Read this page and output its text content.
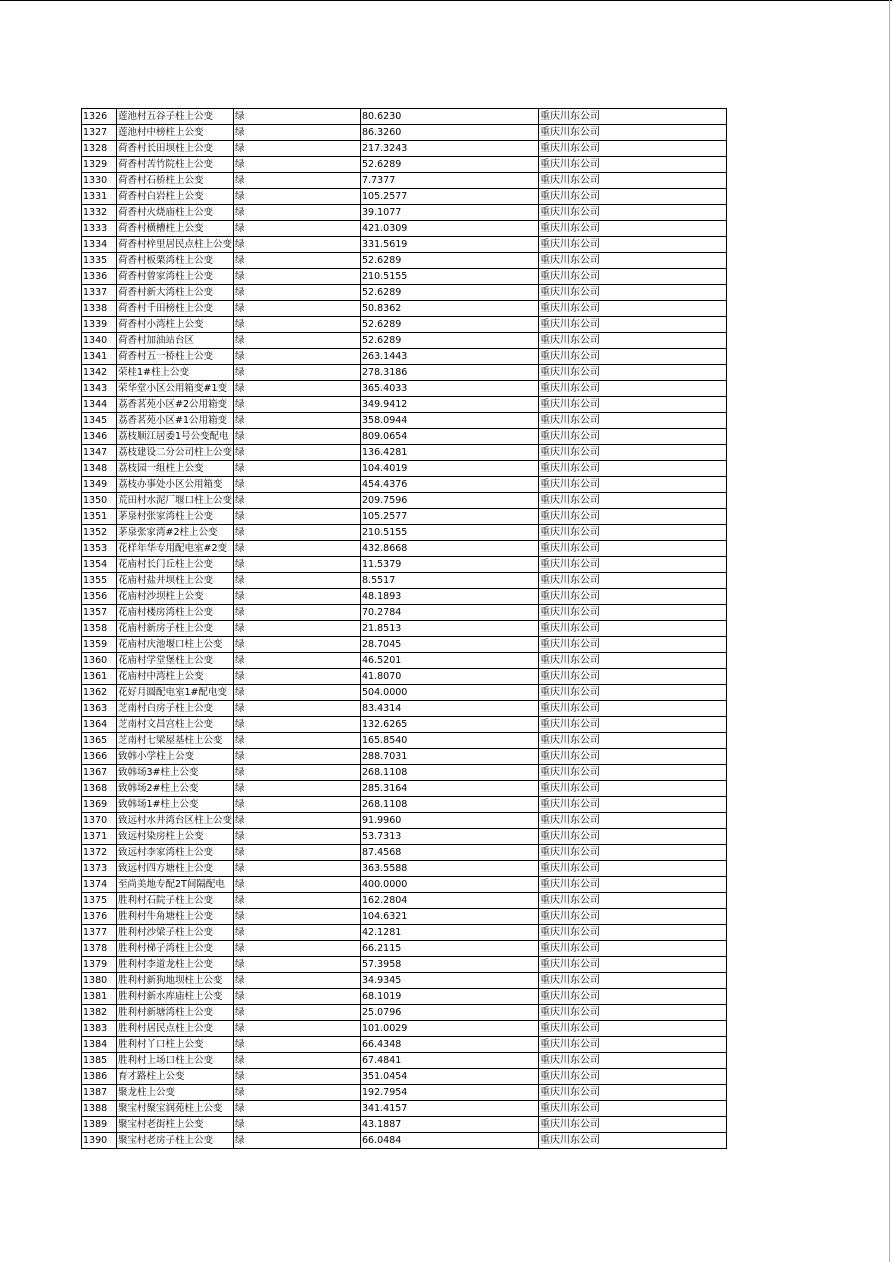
1326	莲池村五谷子柱上公变	绿	80.6230	重庆川东公司
1327	莲池村中榜柱上公变	绿	86.3260	重庆川东公司
1328	荷香村长田坝柱上公变	绿	217.3243	重庆川东公司
1329	荷香村苦竹院柱上公变	绿	52.6289	重庆川东公司
1330	荷香村石桥柱上公变	绿	7.7377	重庆川东公司
1331	荷香村白岩柱上公变	绿	105.2577	重庆川东公司
1332	荷香村火烧庙柱上公变	绿	39.1077	重庆川东公司
1333	荷香村横槽柱上公变	绿	421.0309	重庆川东公司
1334	荷香村梓里居民点柱上公变	绿	331.5619	重庆川东公司
1335	荷香村板栗湾柱上公变	绿	52.6289	重庆川东公司
1336	荷香村曾家湾柱上公变	绿	210.5155	重庆川东公司
1337	荷香村新大湾柱上公变	绿	52.6289	重庆川东公司
1338	荷香村千田榜柱上公变	绿	50.8362	重庆川东公司
1339	荷香村小湾柱上公变	绿	52.6289	重庆川东公司
1340	荷香村加油站台区	绿	52.6289	重庆川东公司
1341	荷香村五一桥柱上公变	绿	263.1443	重庆川东公司
1342	荣桂1#柱上公变	绿	278.3186	重庆川东公司
1343	荣华堂小区公用箱变#1变	绿	365.4033	重庆川东公司
1344	荔香茗苑小区#2公用箱变	绿	349.9412	重庆川东公司
1345	荔香茗苑小区#1公用箱变	绿	358.0944	重庆川东公司
1346	荔枝顺江居委1号公变配电	绿	809.0654	重庆川东公司
1347	荔枝建设二分公司柱上公变	绿	136.4281	重庆川东公司
1348	荔枝园一组柱上公变	绿	104.4019	重庆川东公司
1349	荔枝办事处小区公用箱变	绿	454.4376	重庆川东公司
1350	荒田村水泥厂堰口柱上公变	绿	209.7596	重庆川东公司
1351	茅泉村张家湾柱上公变	绿	105.2577	重庆川东公司
1352	茅泉张家湾#2柱上公变	绿	210.5155	重庆川东公司
1353	花样年华专用配电室#2变	绿	432.8668	重庆川东公司
1354	花庙村长门丘柱上公变	绿	11.5379	重庆川东公司
1355	花庙村盐井坝柱上公变	绿	8.5517	重庆川东公司
1356	花庙村沙坝柱上公变	绿	48.1893	重庆川东公司
1357	花庙村楼房湾柱上公变	绿	70.2784	重庆川东公司
1358	花庙村新房子柱上公变	绿	21.8513	重庆川东公司
1359	花庙村庆池堰口柱上公变	绿	28.7045	重庆川东公司
1360	花庙村学堂堡柱上公变	绿	46.5201	重庆川东公司
1361	花庙村中湾柱上公变	绿	41.8070	重庆川东公司
1362	花好月圆配电室1#配电变	绿	504.0000	重庆川东公司
1363	芝南村白房子柱上公变	绿	83.4314	重庆川东公司
1364	芝南村文昌宫柱上公变	绿	132.6265	重庆川东公司
1365	芝南村七梁屋基柱上公变	绿	165.8540	重庆川东公司
1366	致韩小学柱上公变	绿	288.7031	重庆川东公司
1367	致韩场3#柱上公变	绿	268.1108	重庆川东公司
1368	致韩场2#柱上公变	绿	285.3164	重庆川东公司
1369	致韩场1#柱上公变	绿	268.1108	重庆川东公司
1370	致远村水井湾台区柱上公变	绿	91.9960	重庆川东公司
1371	致远村染房柱上公变	绿	53.7313	重庆川东公司
1372	致远村李家湾柱上公变	绿	87.4568	重庆川东公司
1373	致远村四方塘柱上公变	绿	363.5588	重庆川东公司
1374	至尚美地专配2T间隔配电	绿	400.0000	重庆川东公司
1375	胜利村石院子柱上公变	绿	162.2804	重庆川东公司
1376	胜利村牛角塘柱上公变	绿	104.6321	重庆川东公司
1377	胜利村沙梁子柱上公变	绿	42.1281	重庆川东公司
1378	胜利村梯子湾柱上公变	绿	66.2115	重庆川东公司
1379	胜利村李道龙柱上公变	绿	57.3958	重庆川东公司
1380	胜利村新狗地坝柱上公变	绿	34.9345	重庆川东公司
1381	胜利村新水库庙柱上公变	绿	68.1019	重庆川东公司
1382	胜利村新塘湾柱上公变	绿	25.0796	重庆川东公司
1383	胜利村居民点柱上公变	绿	101.0029	重庆川东公司
1384	胜利村丫口柱上公变	绿	66.4348	重庆川东公司
1385	胜利村上场口柱上公变	绿	67.4841	重庆川东公司
1386	育才路柱上公变	绿	351.0454	重庆川东公司
1387	聚龙柱上公变	绿	192.7954	重庆川东公司
1388	聚宝村聚宝润苑柱上公变	绿	341.4157	重庆川东公司
1389	聚宝村老街柱上公变	绿	43.1887	重庆川东公司
1390	聚宝村老房子柱上公变	绿	66.0484	重庆川东公司
